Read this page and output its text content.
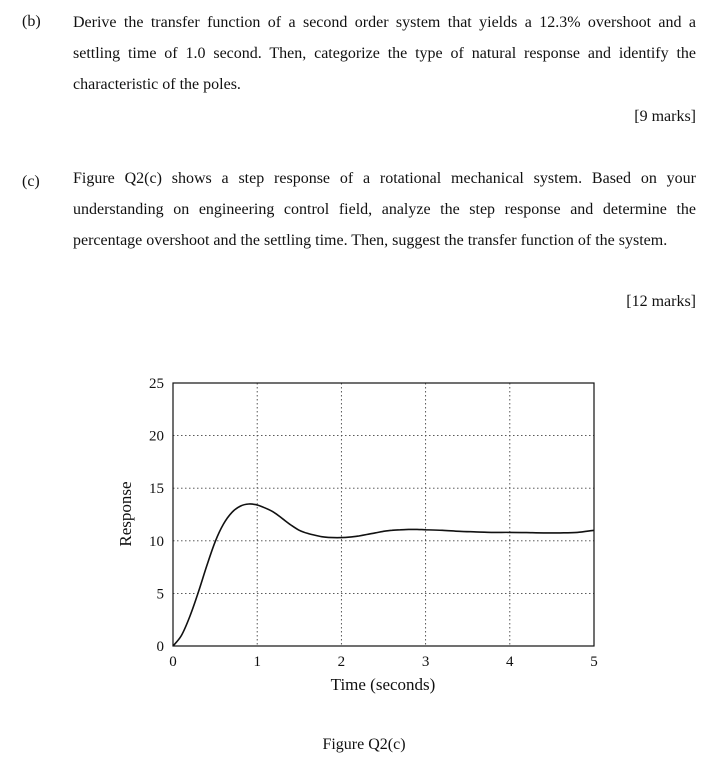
(b) Derive the transfer function of a second order system that yields a 12.3% overshoot and a settling time of 1.0 second. Then, categorize the type of natural response and identify the characteristic of the poles.
[9 marks]
(c) Figure Q2(c) shows a step response of a rotational mechanical system. Based on your understanding on engineering control field, analyze the step response and determine the percentage overshoot and the settling time. Then, suggest the transfer function of the system.
[12 marks]
0	1	2	3	4	5
0
5
10
15
20
25
Time (seconds)
Response
Figure Q2(c)
